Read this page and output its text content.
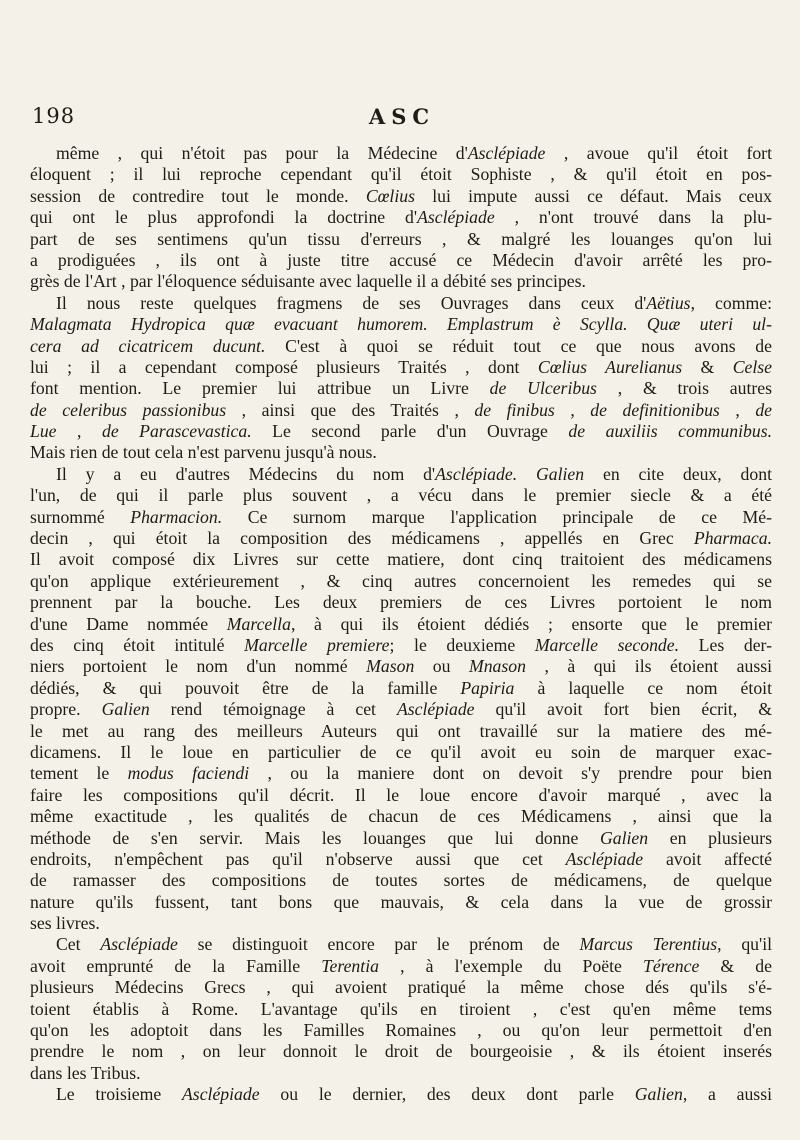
198	ASC
même , qui n'étoit pas pour la Médecine d'Asclépiade , avoue qu'il étoit fort
éloquent ; il lui reproche cependant qu'il étoit Sophiste , & qu'il étoit en pos-
session de contredire tout le monde. Cœlius lui impute aussi ce défaut. Mais ceux
qui ont le plus approfondi la doctrine d'Asclépiade , n'ont trouvé dans la plu-
part de ses sentimens qu'un tissu d'erreurs , & malgré les louanges qu'on lui
a prodiguées , ils ont à juste titre accusé ce Médecin d'avoir arrêté les pro-
grès de l'Art , par l'éloquence séduisante avec laquelle il a débité ses principes.
Il nous reste quelques fragmens de ses Ouvrages dans ceux d'Aëtius, comme:
Malagmata Hydropica quæ evacuant humorem. Emplastrum è Scylla. Quæ uteri ul-
cera ad cicatricem ducunt. C'est à quoi se réduit tout ce que nous avons de
lui ; il a cependant composé plusieurs Traités , dont Cœlius Aurelianus & Celse
font mention. Le premier lui attribue un Livre de Ulceribus , & trois autres
de celeribus passionibus , ainsi que des Traités , de finibus , de definitionibus , de
Lue , de Parascevastica. Le second parle d'un Ouvrage de auxiliis communibus.
Mais rien de tout cela n'est parvenu jusqu'à nous.
Il y a eu d'autres Médecins du nom d'Asclépiade. Galien en cite deux, dont
l'un, de qui il parle plus souvent , a vécu dans le premier siecle & a été
surnommé Pharmacion. Ce surnom marque l'application principale de ce Mé-
decin , qui étoit la composition des médicamens , appellés en Grec Pharmaca.
Il avoit composé dix Livres sur cette matiere, dont cinq traitoient des médicamens
qu'on applique extérieurement , & cinq autres concernoient les remedes qui se
prennent par la bouche. Les deux premiers de ces Livres portoient le nom
d'une Dame nommée Marcella, à qui ils étoient dédiés ; ensorte que le premier
des cinq étoit intitulé Marcelle premiere; le deuxieme Marcelle seconde. Les der-
niers portoient le nom d'un nommé Mason ou Mnason , à qui ils étoient aussi
dédiés, & qui pouvoit être de la famille Papiria à laquelle ce nom étoit
propre. Galien rend témoignage à cet Asclépiade qu'il avoit fort bien écrit, &
le met au rang des meilleurs Auteurs qui ont travaillé sur la matiere des mé-
dicamens. Il le loue en particulier de ce qu'il avoit eu soin de marquer exac-
tement le modus faciendi , ou la maniere dont on devoit s'y prendre pour bien
faire les compositions qu'il décrit. Il le loue encore d'avoir marqué , avec la
même exactitude , les qualités de chacun de ces Médicamens , ainsi que la
méthode de s'en servir. Mais les louanges que lui donne Galien en plusieurs
endroits, n'empêchent pas qu'il n'observe aussi que cet Asclépiade avoit affecté
de ramasser des compositions de toutes sortes de médicamens, de quelque
nature qu'ils fussent, tant bons que mauvais, & cela dans la vue de grossir
ses livres.
Cet Asclépiade se distinguoit encore par le prénom de Marcus Terentius, qu'il
avoit emprunté de la Famille Terentia , à l'exemple du Poëte Térence & de
plusieurs Médecins Grecs , qui avoient pratiqué la même chose dés qu'ils s'é-
toient établis à Rome. L'avantage qu'ils en tiroient , c'est qu'en même tems
qu'on les adoptoit dans les Familles Romaines , ou qu'on leur permettoit d'en
prendre le nom , on leur donnoit le droit de bourgeoisie , & ils étoient inserés
dans les Tribus.
Le troisieme Asclépiade ou le dernier, des deux dont parle Galien, a aussi
